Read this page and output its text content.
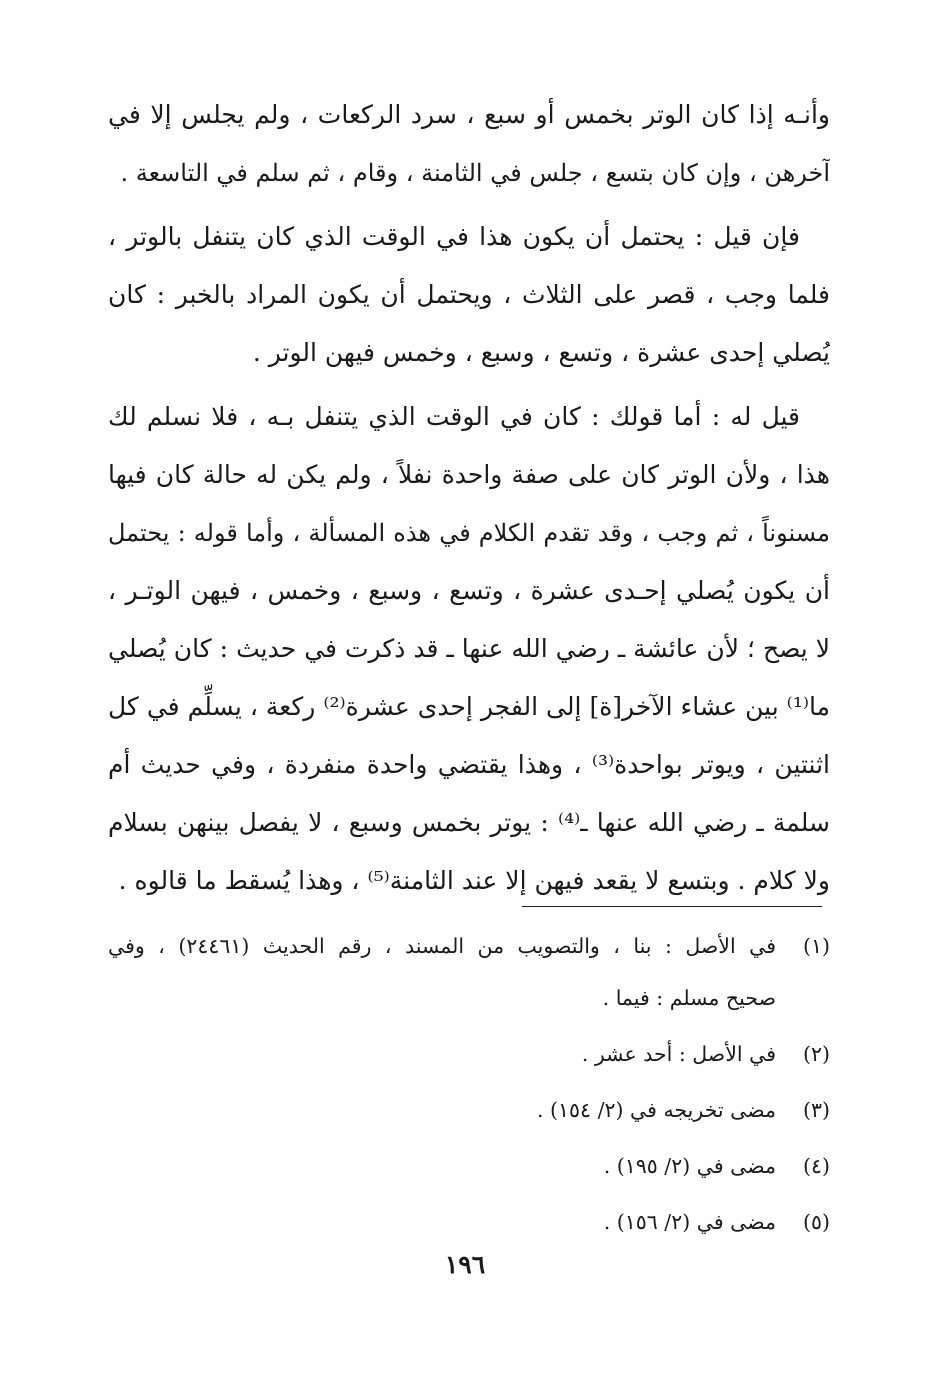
وأنـه إذا كان الوتر بخمس أو سبع ، سرد الركعات ، ولم يجلس إلا في
آخرهن ، وإن كان بتسع ، جلس في الثامنة ، وقام ، ثم سلم في التاسعة .
فإن قيل : يحتمل أن يكون هذا في الوقت الذي كان يتنفل بالوتر ،
فلما وجب ، قصر على الثلاث ، ويحتمل أن يكون المراد بالخبر : كان
يُصلي إحدى عشرة ، وتسع ، وسبع ، وخمس فيهن الوتر .
قيل له : أما قولك : كان في الوقت الذي يتنفل بـه ، فلا نسلم لك
هذا ، ولأن الوتر كان على صفة واحدة نفلاً ، ولم يكن له حالة كان فيها
مسنوناً ، ثم وجب ، وقد تقدم الكلام في هذه المسألة ، وأما قوله : يحتمل
أن يكون يُصلي إحـدى عشرة ، وتسع ، وسبع ، وخمس ، فيهن الوتـر ،
لا يصح ؛ لأن عائشة ـ رضي الله عنها ـ قد ذكرت في حديث : كان يُصلي
ما⁽¹⁾ بين عشاء الآخر[ة] إلى الفجر إحدى عشرة⁽²⁾ ركعة ، يسلِّم في كل
اثنتين ، ويوتر بواحدة⁽³⁾ ، وهذا يقتضي واحدة منفردة ، وفي حديث أم
سلمة ـ رضي الله عنها ـ⁽⁴⁾ : يوتر بخمس وسبع ، لا يفصل بينهن بسلام
ولا كلام . وبتسع لا يقعد فيهن إلا عند الثامنة⁽⁵⁾ ، وهذا يُسقط ما قالوه .
(١)
في الأصل : بنا ، والتصويب من المسند ، رقم الحديث (٢٤٤٦١) ، وفي
صحيح مسلم : فيما .
(٢)
في الأصل : أحد عشر .
(٣)
مضى تخريجه في (٢/ ١٥٤) .
(٤)
مضى في (٢/ ١٩٥) .
(٥)
مضى في (٢/ ١٥٦) .
١٩٦
